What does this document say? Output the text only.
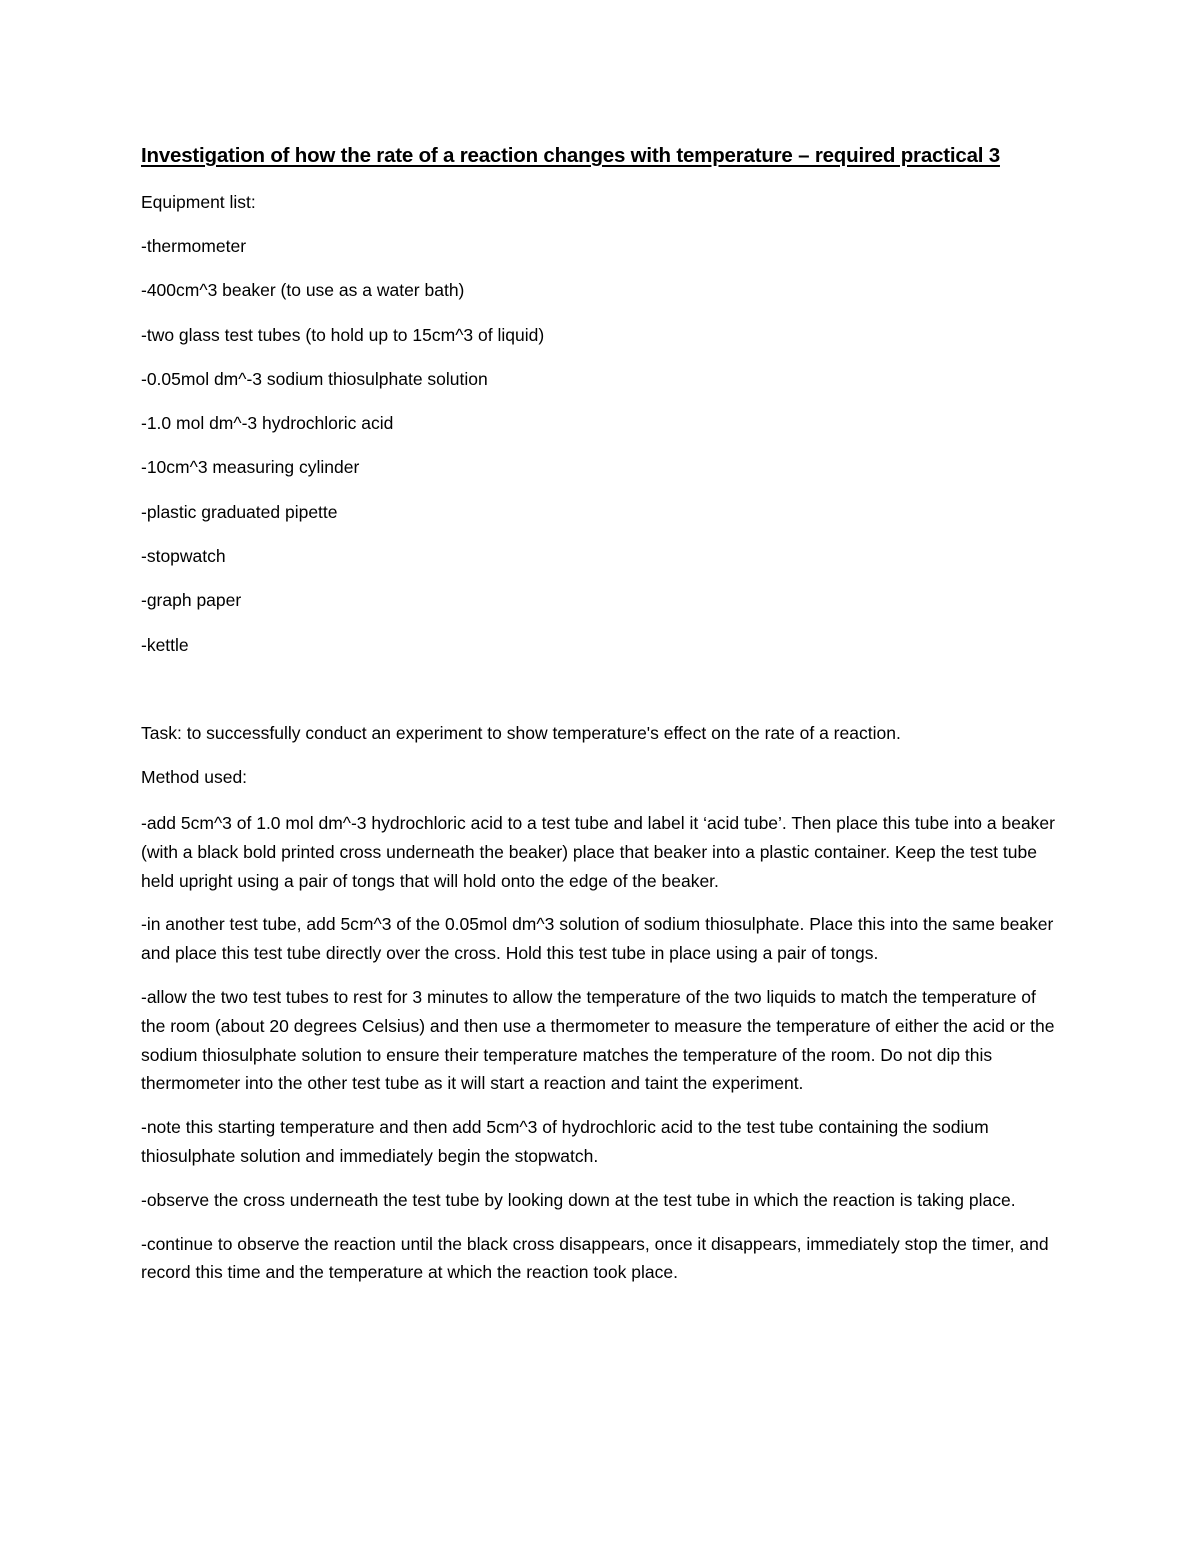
Investigation of how the rate of a reaction changes with temperature – required practical 3

Equipment list:

-thermometer
-400cm^3 beaker (to use as a water bath)
-two glass test tubes (to hold up to 15cm^3 of liquid)
-0.05mol dm^-3 sodium thiosulphate solution
-1.0 mol dm^-3 hydrochloric acid
-10cm^3 measuring cylinder
-plastic graduated pipette
-stopwatch
-graph paper
-kettle

Task: to successfully conduct an experiment to show temperature's effect on the rate of a reaction.

Method used:

-add 5cm^3 of 1.0 mol dm^-3 hydrochloric acid to a test tube and label it ‘acid tube’. Then place this tube into a beaker (with a black bold printed cross underneath the beaker) place that beaker into a plastic container. Keep the test tube held upright using a pair of tongs that will hold onto the edge of the beaker.
-in another test tube, add 5cm^3 of the 0.05mol dm^3 solution of sodium thiosulphate. Place this into the same beaker and place this test tube directly over the cross. Hold this test tube in place using a pair of tongs.
-allow the two test tubes to rest for 3 minutes to allow the temperature of the two liquids to match the temperature of the room (about 20 degrees Celsius) and then use a thermometer to measure the temperature of either the acid or the sodium thiosulphate solution to ensure their temperature matches the temperature of the room. Do not dip this thermometer into the other test tube as it will start a reaction and taint the experiment.
-note this starting temperature and then add 5cm^3 of hydrochloric acid to the test tube containing the sodium thiosulphate solution and immediately begin the stopwatch.
-observe the cross underneath the test tube by looking down at the test tube in which the reaction is taking place.
-continue to observe the reaction until the black cross disappears, once it disappears, immediately stop the timer, and record this time and the temperature at which the reaction took place.
